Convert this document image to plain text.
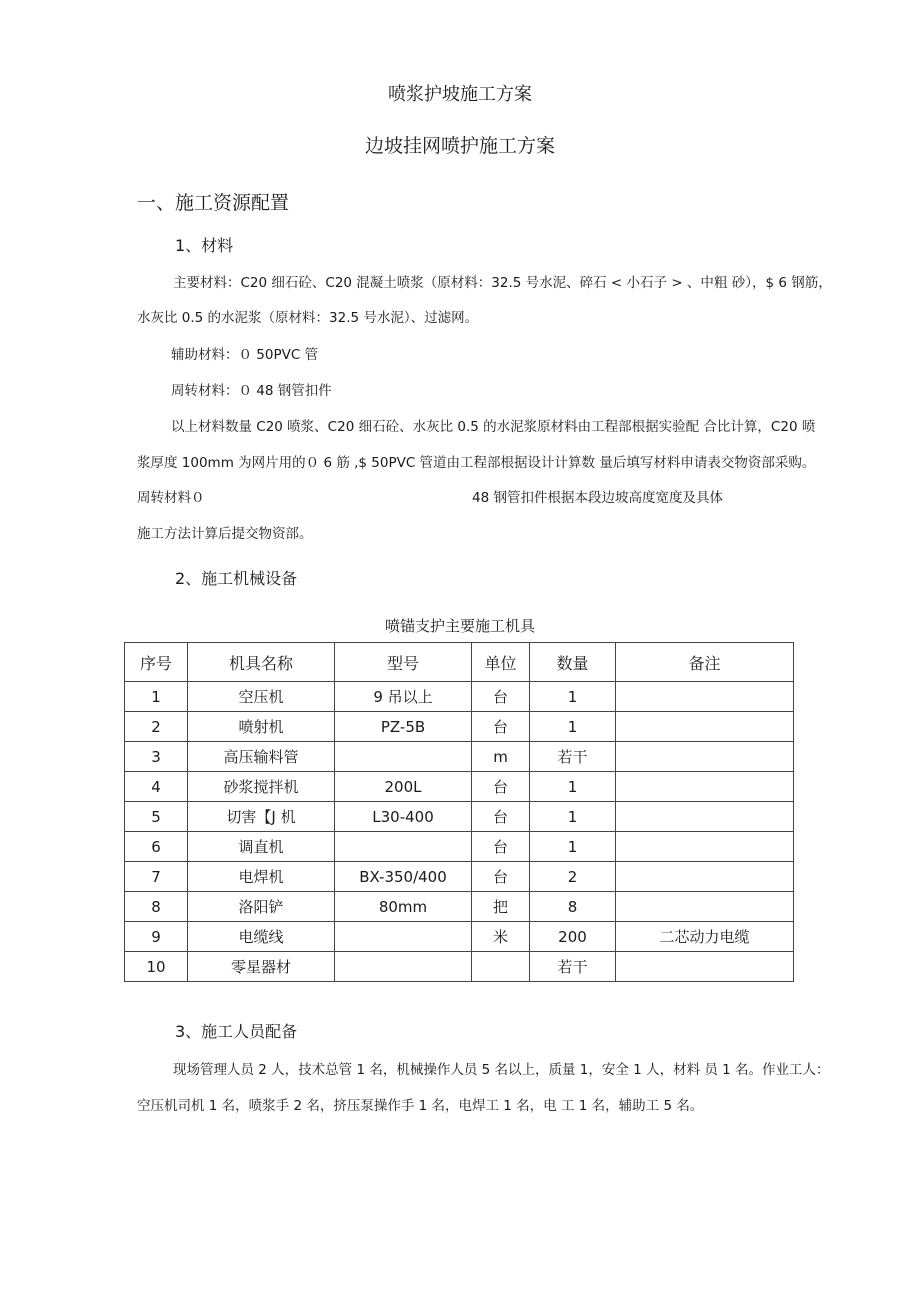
喷浆护坡施工方案
边坡挂网喷护施工方案
一、施工资源配置
1、材料
主要材料：C20 细石砼、C20 混凝土喷浆（原材料：32.5 号水泥、碎石 < 小石子 > 、中粗 砂），$ 6 钢筋，
水灰比 0.5 的水泥浆（原材料：32.5 号水泥）、过滤网。
辅助材料：０ 50PVC 管
周转材料：０ 48 钢管扣件
以上材料数量 C20 喷浆、C20 细石砼、水灰比 0.5 的水泥浆原材料由工程部根据实验配 合比计算，C20 喷
浆厚度 100mm 为网片用的０ 6 筋 ,$ 50PVC 管道由工程部根据设计计算数 量后填写材料申请表交物资部采购。
周转材料０	48 钢管扣件根据本段边坡高度宽度及具体
施工方法计算后提交物资部。
2、施工机械设备
喷锚支护主要施工机具
序号	机具名称	型号	单位	数量	备注
1	空压机	9 吊以上	台	1	
2	喷射机	PZ-5B	台	1	
3	高压输料管		m	若干	
4	砂浆搅拌机	200L	台	1	
5	切害【J 机	L30-400	台	1	
6	调直机		台	1	
7	电焊机	BX-350/400	台	2	
8	洛阳铲	80mm	把	8	
9	电缆线		米	200	二芯动力电缆
10	零星器材			若干	
3、施工人员配备
现场管理人员 2 人，技术总管 1 名，机械操作人员 5 名以上，质量 1，安全 1 人，材料 员 1 名。作业工人：
空压机司机 1 名，喷浆手 2 名，挤压泵操作手 1 名，电焊工 1 名，电 工 1 名，辅助工 5 名。
